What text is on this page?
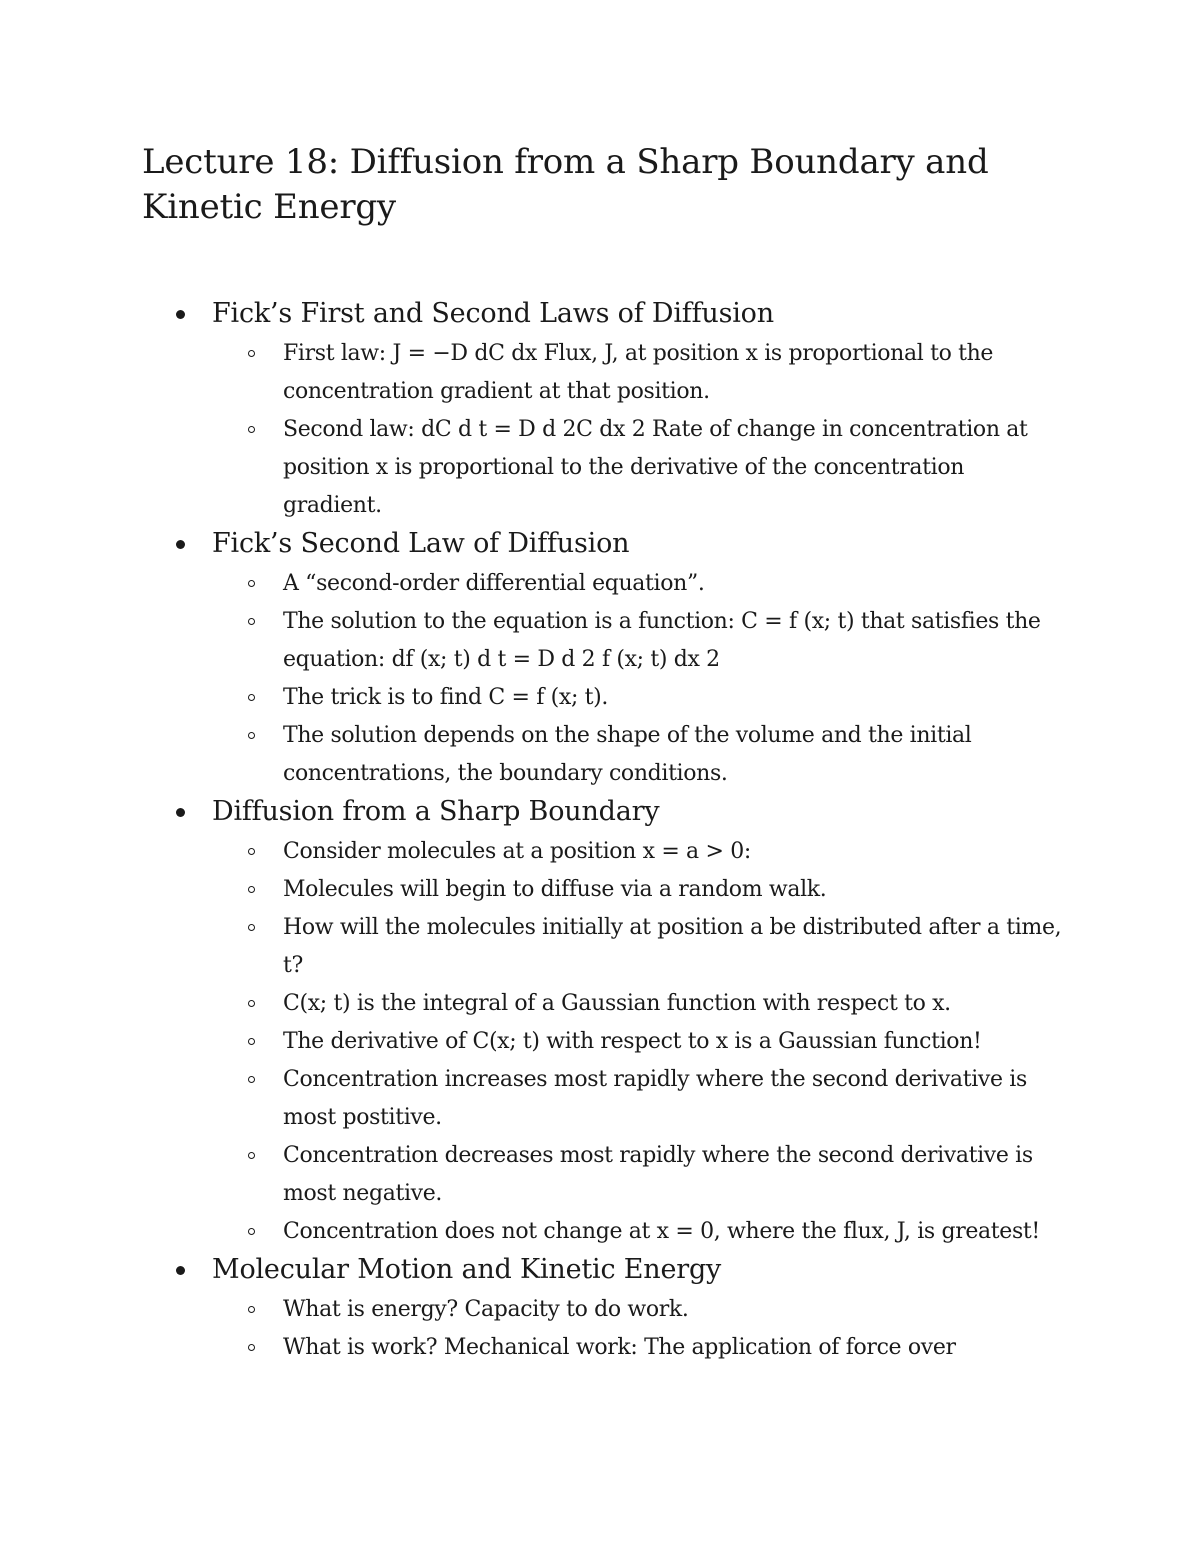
Lecture 18: Diffusion from a Sharp Boundary and Kinetic Energy
Fick’s First and Second Laws of Diffusion
First law: J = −D dC dx Flux, J, at position x is proportional to the concentration gradient at that position.
Second law: dC d t = D d 2C dx 2 Rate of change in concentration at position x is proportional to the derivative of the concentration gradient.
Fick’s Second Law of Diffusion
A “second-order differential equation”.
The solution to the equation is a function: C = f (x; t) that satisfies the equation: df (x; t) d t = D d 2 f (x; t) dx 2
The trick is to find C = f (x; t).
The solution depends on the shape of the volume and the initial concentrations, the boundary conditions.
Diffusion from a Sharp Boundary
Consider molecules at a position x = a > 0:
Molecules will begin to diffuse via a random walk.
How will the molecules initially at position a be distributed after a time, t?
C(x; t) is the integral of a Gaussian function with respect to x.
The derivative of C(x; t) with respect to x is a Gaussian function!
Concentration increases most rapidly where the second derivative is most postitive.
Concentration decreases most rapidly where the second derivative is most negative.
Concentration does not change at x = 0, where the flux, J, is greatest!
Molecular Motion and Kinetic Energy
What is energy? Capacity to do work.
What is work? Mechanical work: The application of force over
